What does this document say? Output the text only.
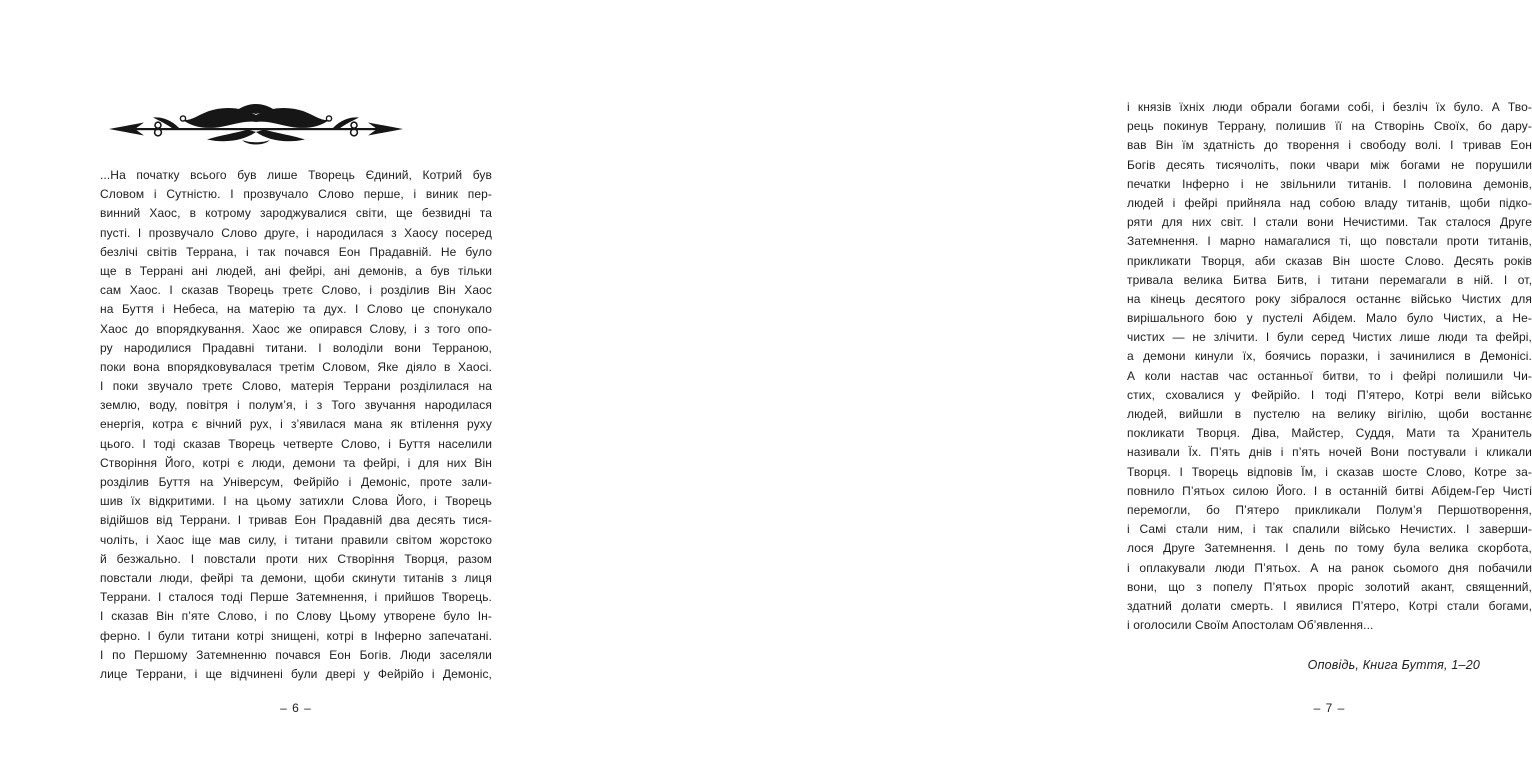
...На початку всього був лише Творець Єдиний, Котрий був
Словом і Сутністю. І прозвучало Слово перше, і виник пер-
винний Хаос, в котрому зароджувалися світи, ще безвидні та
пусті. І прозвучало Слово друге, і народилася з Хаосу посеред
безлічі світів Террана, і так почався Еон Прадавній. Не було
ще в Террані ані людей, ані фейрі, ані демонів, а був тільки
сам Хаос. І сказав Творець третє Слово, і розділив Він Хаос
на Буття і Небеса, на матерію та дух. І Слово це спонукало
Хаос до впорядкування. Хаос же опирався Слову, і з того опо-
ру народилися Прадавні титани. І володіли вони Терраною,
поки вона впорядковувалася третім Словом, Яке діяло в Хаосі.
І поки звучало третє Слово, матерія Террани розділилася на
землю, воду, повітря і полум’я, і з Того звучання народилася
енергія, котра є вічний рух, і з’явилася мана як втілення руху
цього. І тоді сказав Творець четверте Слово, і Буття населили
Створіння Його, котрі є люди, демони та фейрі, і для них Він
розділив Буття на Універсум, Фейрійо і Демоніс, проте зали-
шив їх відкритими. І на цьому затихли Слова Його, і Творець
відійшов від Террани. І тривав Еон Прадавній два десять тися-
чоліть, і Хаос іще мав силу, і титани правили світом жорстоко
й безжально. І повстали проти них Створіння Творця, разом
повстали люди, фейрі та демони, щоби скинути титанів з лиця
Террани. І сталося тоді Перше Затемнення, і прийшов Творець.
І сказав Він п’яте Слово, і по Слову Цьому утворене було Ін-
ферно. І були титани котрі знищені, котрі в Інферно запечатані.
І по Першому Затемненню почався Еон Богів. Люди заселяли
лице Террани, і ще відчинені були двері у Фейрійо і Демоніс,
– 6 –
і князів їхніх люди обрали богами собі, і безліч їх було. А Тво-
рець покинув Террану, полишив її на Створінь Своїх, бо дару-
вав Він їм здатність до творення і свободу волі. І тривав Еон
Богів десять тисячоліть, поки чвари між богами не порушили
печатки Інферно і не звільнили титанів. І половина демонів,
людей і фейрі прийняла над собою владу титанів, щоби підко-
ряти для них світ. І стали вони Нечистими. Так сталося Друге
Затемнення. І марно намагалися ті, що повстали проти титанів,
прикликати Творця, аби сказав Він шосте Слово. Десять років
тривала велика Битва Битв, і титани перемагали в ній. І от,
на кінець десятого року зібралося останнє військо Чистих для
вирішального бою у пустелі Абідем. Мало було Чистих, а Не-
чистих — не злічити. І були серед Чистих лише люди та фейрі,
а демони кинули їх, боячись поразки, і зачинилися в Демонісі.
А коли настав час останньої битви, то і фейрі полишили Чи-
стих, сховалися у Фейрійо. І тоді П’ятеро, Котрі вели військо
людей, вийшли в пустелю на велику вігілію, щоби востаннє
покликати Творця. Діва, Майстер, Суддя, Мати та Хранитель
називали Їх. П’ять днів і п’ять ночей Вони постували і кликали
Творця. І Творець відповів Їм, і сказав шосте Слово, Котре за-
повнило П’ятьох силою Його. І в останній битві Абідем-Гер Чисті
перемогли, бо П’ятеро прикликали Полум’я Першотворення,
і Самі стали ним, і так спалили військо Нечистих. І заверши-
лося Друге Затемнення. І день по тому була велика скорбота,
і оплакували люди П’ятьох. А на ранок сьомого дня побачили
вони, що з попелу П’ятьох проріс золотий акант, священний,
здатний долати смерть. І явилися П’ятеро, Котрі стали богами,
і оголосили Своїм Апостолам Об’явлення...
Оповідь, Книга Буття, 1–20
– 7 –
